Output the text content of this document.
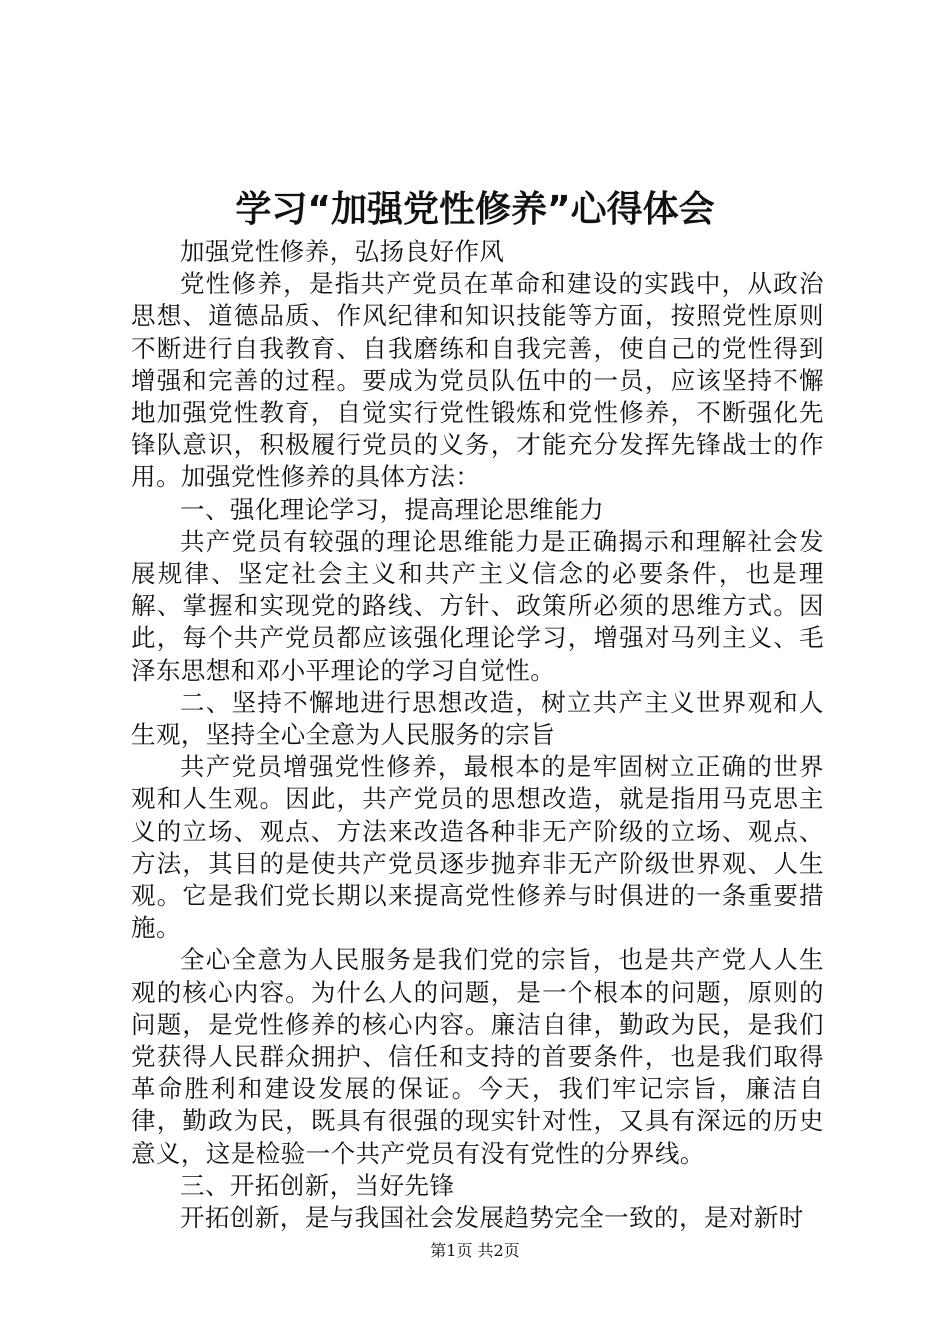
学习“加强党性修养”心得体会

加强党性修养，弘扬良好作风

党性修养，是指共产党员在革命和建设的实践中，从政治思想、道德品质、作风纪律和知识技能等方面，按照党性原则不断进行自我教育、自我磨练和自我完善，使自己的党性得到增强和完善的过程。要成为党员队伍中的一员，应该坚持不懈地加强党性教育，自觉实行党性锻炼和党性修养，不断强化先锋队意识，积极履行党员的义务，才能充分发挥先锋战士的作用。加强党性修养的具体方法：

一、强化理论学习，提高理论思维能力

共产党员有较强的理论思维能力是正确揭示和理解社会发展规律、坚定社会主义和共产主义信念的必要条件，也是理解、掌握和实现党的路线、方针、政策所必须的思维方式。因此，每个共产党员都应该强化理论学习，增强对马列主义、毛泽东思想和邓小平理论的学习自觉性。

二、坚持不懈地进行思想改造，树立共产主义世界观和人生观，坚持全心全意为人民服务的宗旨

共产党员增强党性修养，最根本的是牢固树立正确的世界观和人生观。因此，共产党员的思想改造，就是指用马克思主义的立场、观点、方法来改造各种非无产阶级的立场、观点、方法，其目的是使共产党员逐步抛弃非无产阶级世界观、人生观。它是我们党长期以来提高党性修养与时俱进的一条重要措施。

全心全意为人民服务是我们党的宗旨，也是共产党人人生观的核心内容。为什么人的问题，是一个根本的问题，原则的问题，是党性修养的核心内容。廉洁自律，勤政为民，是我们党获得人民群众拥护、信任和支持的首要条件，也是我们取得革命胜利和建设发展的保证。今天，我们牢记宗旨，廉洁自律，勤政为民，既具有很强的现实针对性，又具有深远的历史意义，这是检验一个共产党员有没有党性的分界线。

三、开拓创新，当好先锋

开拓创新，是与我国社会发展趋势完全一致的，是对新时

第1页 共2页
